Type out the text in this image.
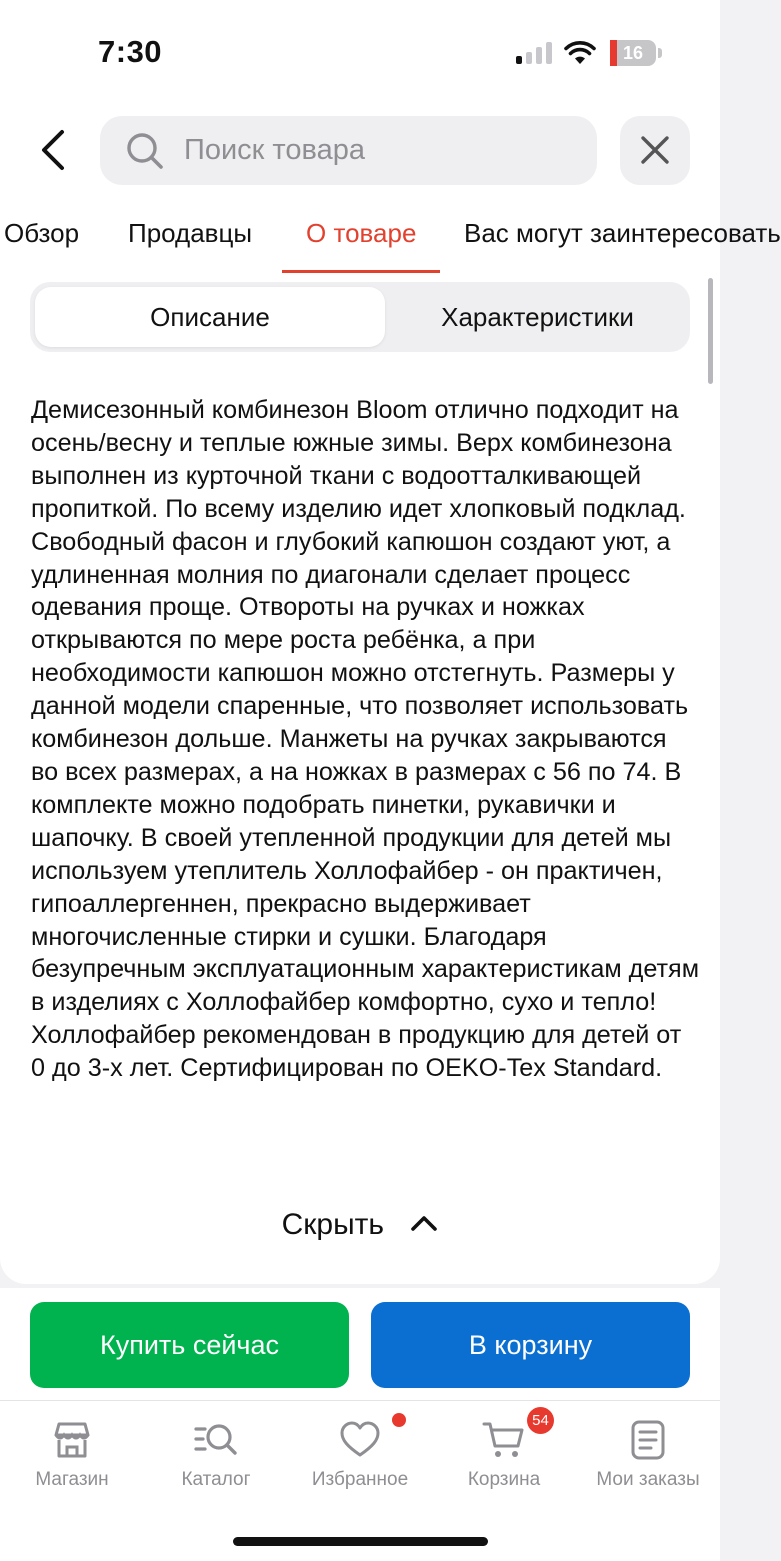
7:30	16
Поиск товара
Обзор Продавцы О товаре Вас могут заинтересовать
Описание	Характеристики
Демисезонный комбинезон Bloom отлично подходит на осень/весну и теплые южные зимы. Верх комбинезона выполнен из курточной ткани с водоотталкивающей пропиткой. По всему изделию идет хлопковый подклад. Свободный фасон и глубокий капюшон создают уют, а удлиненная молния по диагонали сделает процесс одевания проще. Отвороты на ручках и ножках открываются по мере роста ребёнка, а при необходимости капюшон можно отстегнуть. Размеры у данной модели спаренные, что позволяет использовать комбинезон дольше. Манжеты на ручках закрываются во всех размерах, а на ножках в размерах с 56 по 74. В комплекте можно подобрать пинетки, рукавички и шапочку. В своей утепленной продукции для детей мы используем утеплитель Холлофайбер - он практичен, гипоаллергеннен, прекрасно выдерживает многочисленные стирки и сушки. Благодаря безупречным эксплуатационным характеристикам детям в изделиях с Холлофайбер комфортно, сухо и тепло! Холлофайбер рекомендован в продукцию для детей от 0 до 3-х лет. Сертифицирован по OEKO-Tex Standard.
Скрыть
Купить сейчас	В корзину
Магазин	Каталог	Избранное	Корзина	Мои заказы
54
